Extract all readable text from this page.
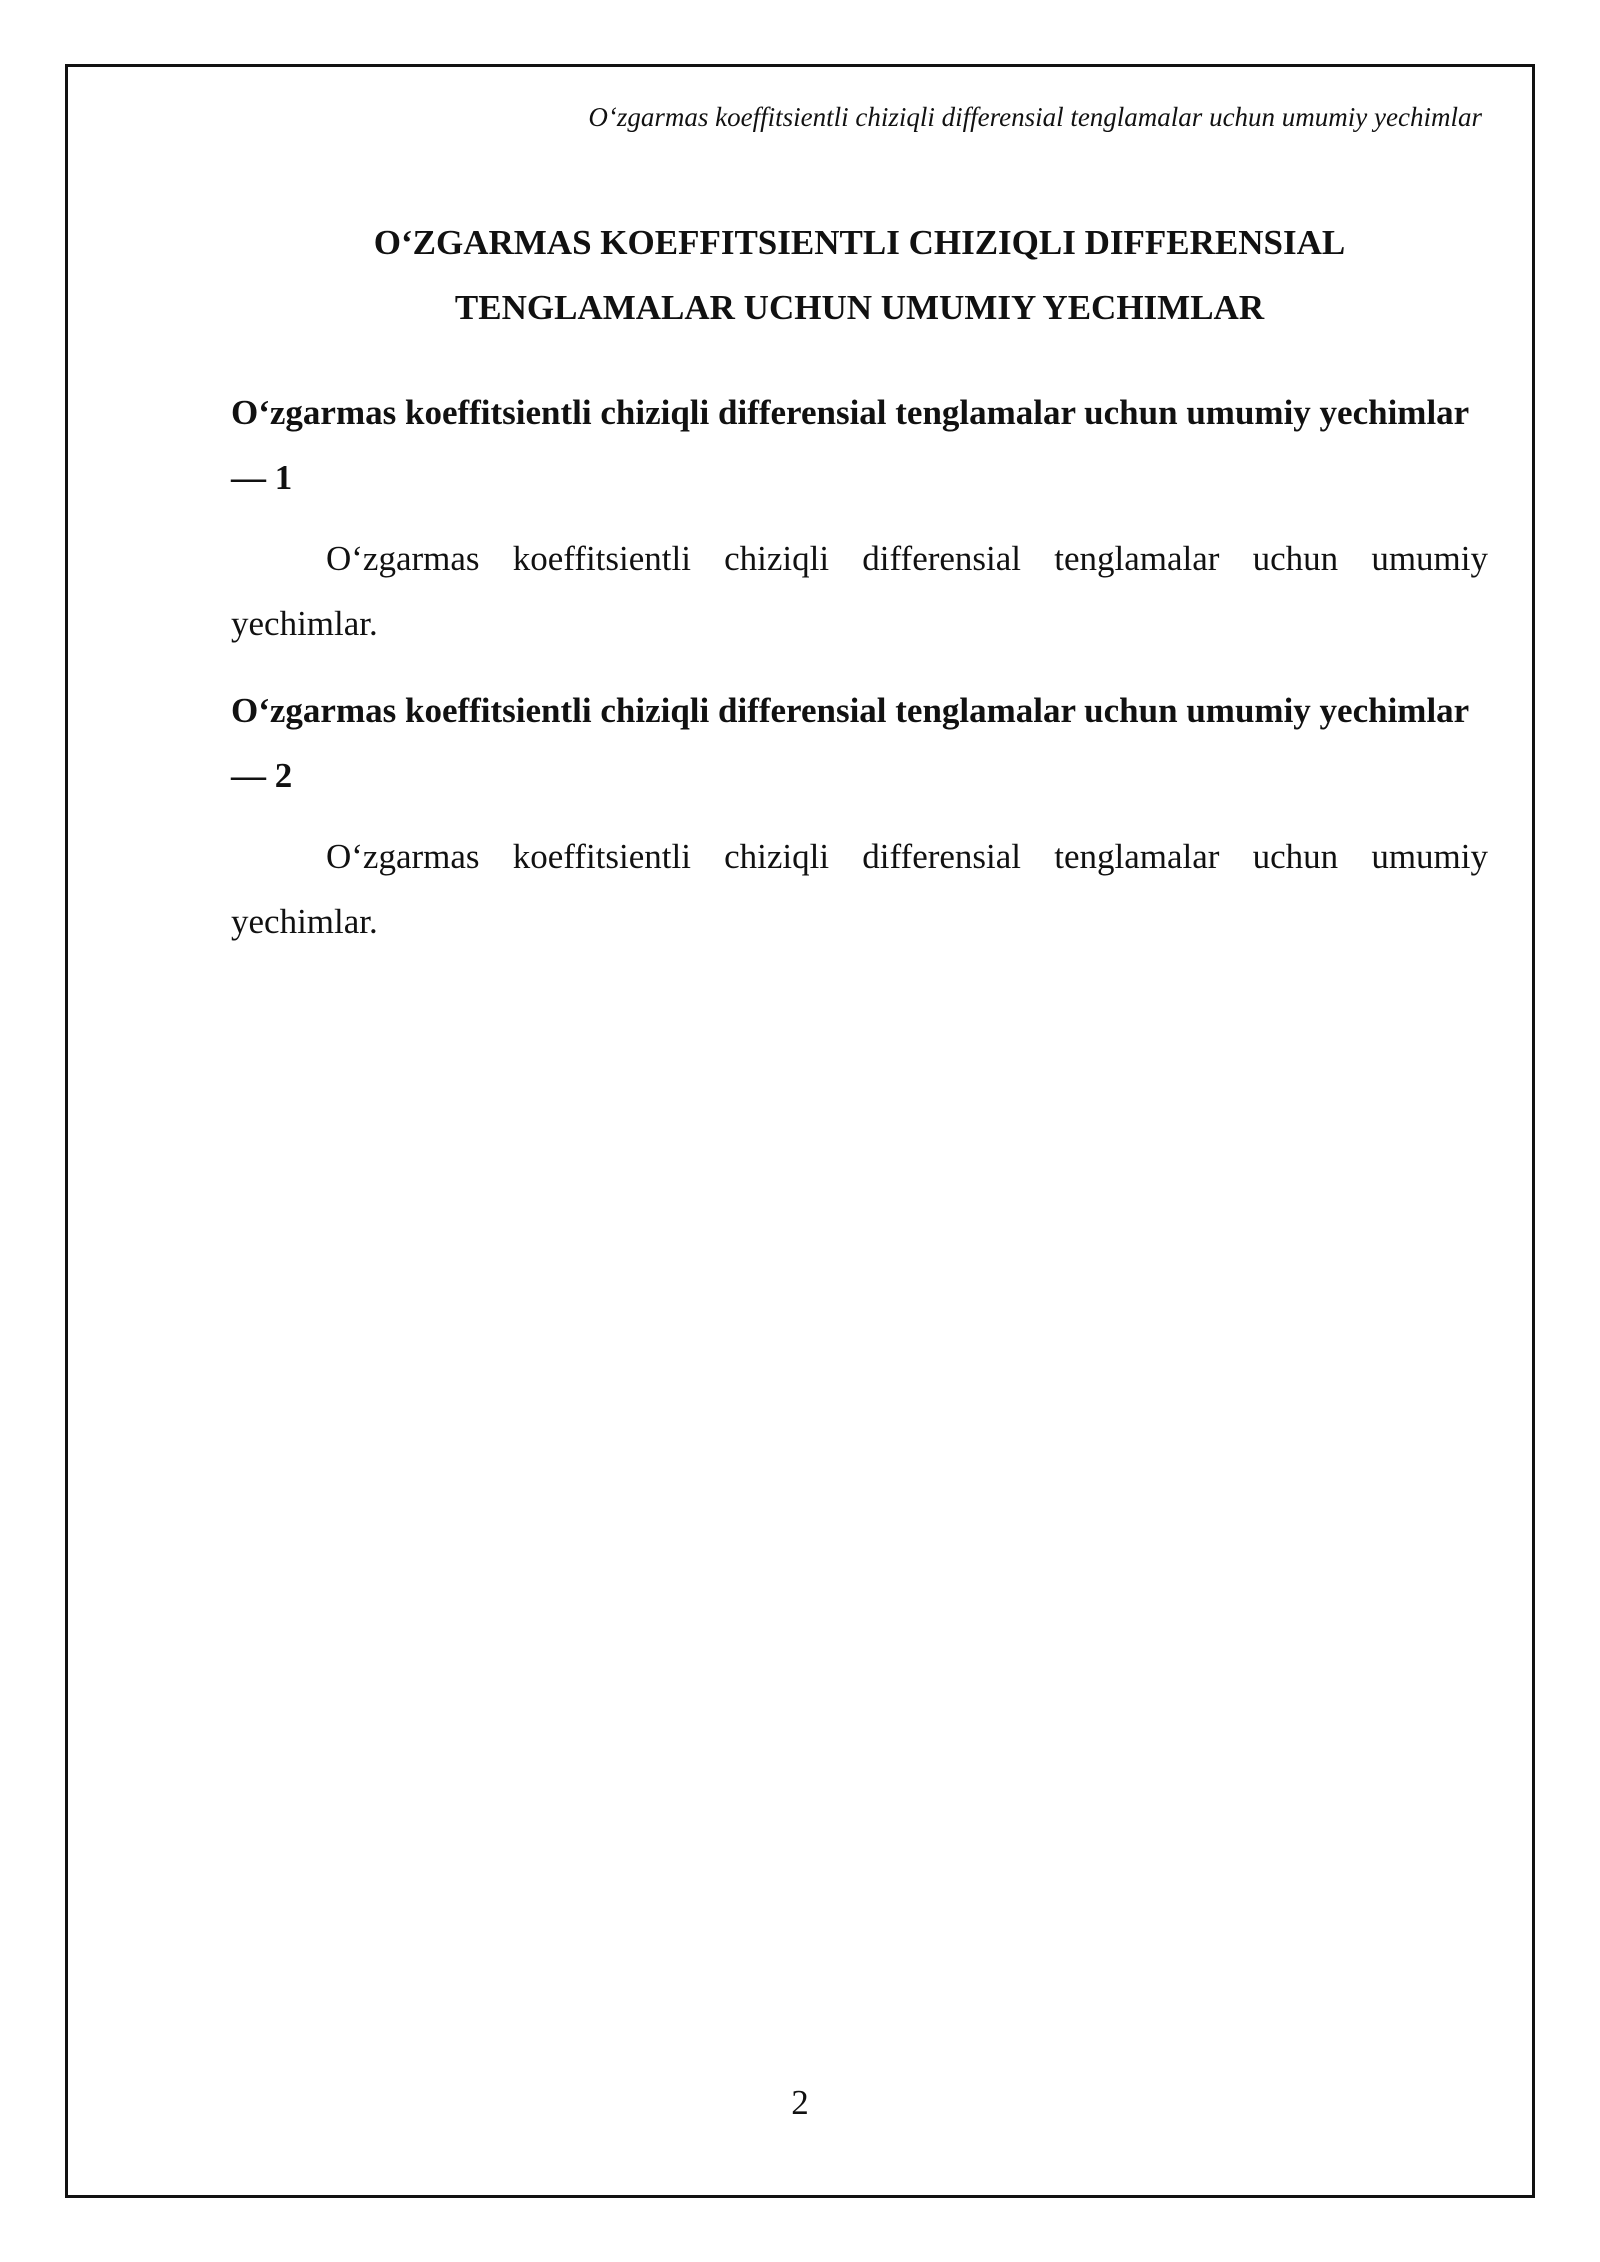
O‘zgarmas koeffitsientli chiziqli differensial tenglamalar uchun umumiy yechimlar
O‘ZGARMAS KOEFFITSIENTLI CHIZIQLI DIFFERENSIAL
TENGLAMALAR UCHUN UMUMIY YECHIMLAR
O‘zgarmas koeffitsientli chiziqli differensial tenglamalar uchun umumiy yechimlar — 1

O‘zgarmas koeffitsientli chiziqli differensial tenglamalar uchun umumiy yechimlar.

O‘zgarmas koeffitsientli chiziqli differensial tenglamalar uchun umumiy yechimlar — 2

O‘zgarmas koeffitsientli chiziqli differensial tenglamalar uchun umumiy yechimlar.

2
